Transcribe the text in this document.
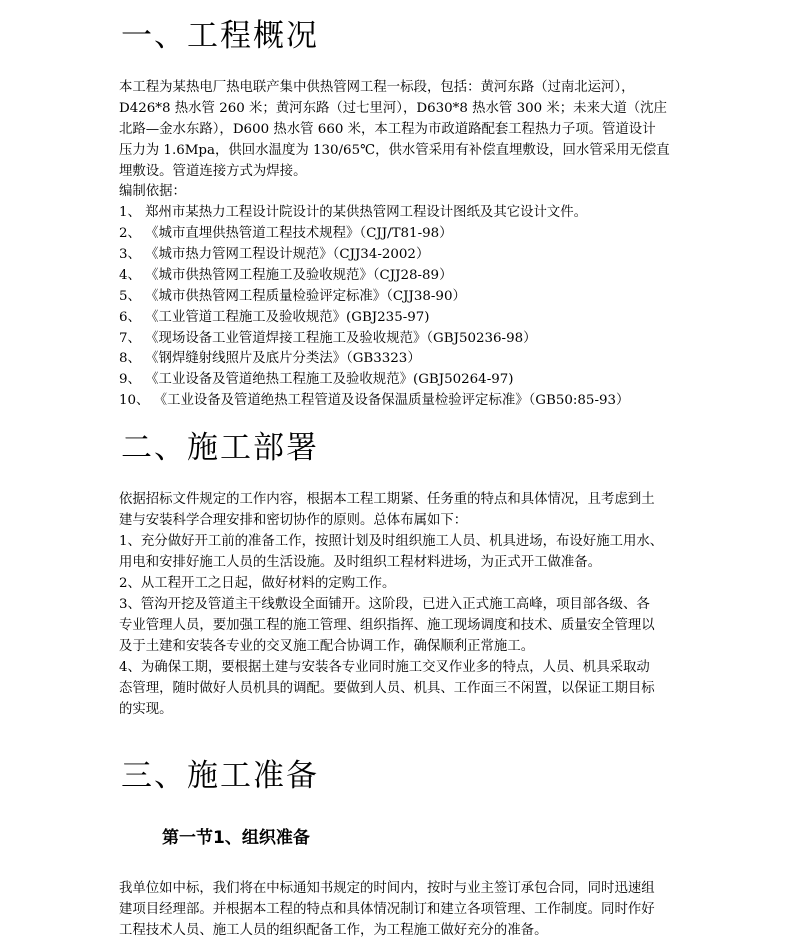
一、工程概况
本工程为某热电厂热电联产集中供热管网工程一标段，包括：黄河东路（过南北运河），
D426*8 热水管 260 米；黄河东路（过七里河），D630*8 热水管 300 米；未来大道（沈庄
北路—金水东路），D600 热水管 660 米，本工程为市政道路配套工程热力子项。管道设计
压力为 1.6Mpa，供回水温度为 130/65℃，供水管采用有补偿直埋敷设，回水管采用无偿直
埋敷设。管道连接方式为焊接。
编制依据：
1、 郑州市某热力工程设计院设计的某供热管网工程设计图纸及其它设计文件。
2、 《城市直埋供热管道工程技术规程》（CJJ/T81-98）
3、 《城市热力管网工程设计规范》（CJJ34-2002）
4、 《城市供热管网工程施工及验收规范》（CJJ28-89）
5、 《城市供热管网工程质量检验评定标准》（CJJ38-90）
6、 《工业管道工程施工及验收规范》(GBJ235-97)
7、 《现场设备工业管道焊接工程施工及验收规范》（GBJ50236-98）
8、 《钢焊缝射线照片及底片分类法》（GB3323）
9、 《工业设备及管道绝热工程施工及验收规范》(GBJ50264-97)
10、 《工业设备及管道绝热工程管道及设备保温质量检验评定标准》（GB50:85-93）
二、施工部署
依据招标文件规定的工作内容，根据本工程工期紧、任务重的特点和具体情况，且考虑到土
建与安装科学合理安排和密切协作的原则。总体布属如下：
1、充分做好开工前的准备工作，按照计划及时组织施工人员、机具进场，布设好施工用水、
用电和安排好施工人员的生活设施。及时组织工程材料进场，为正式开工做准备。
2、从工程开工之日起，做好材料的定购工作。
3、管沟开挖及管道主干线敷设全面铺开。这阶段，已进入正式施工高峰，项目部各级、各
专业管理人员，要加强工程的施工管理、组织指挥、施工现场调度和技术、质量安全管理以
及于土建和安装各专业的交叉施工配合协调工作，确保顺利正常施工。
4、为确保工期，要根据土建与安装各专业同时施工交叉作业多的特点，人员、机具采取动
态管理，随时做好人员机具的调配。要做到人员、机具、工作面三不闲置，以保证工期目标
的实现。
三、施工准备
第一节1、组织准备
我单位如中标，我们将在中标通知书规定的时间内，按时与业主签订承包合同，同时迅速组
建项目经理部。并根据本工程的特点和具体情况制订和建立各项管理、工作制度。同时作好
工程技术人员、施工人员的组织配备工作，为工程施工做好充分的准备。
